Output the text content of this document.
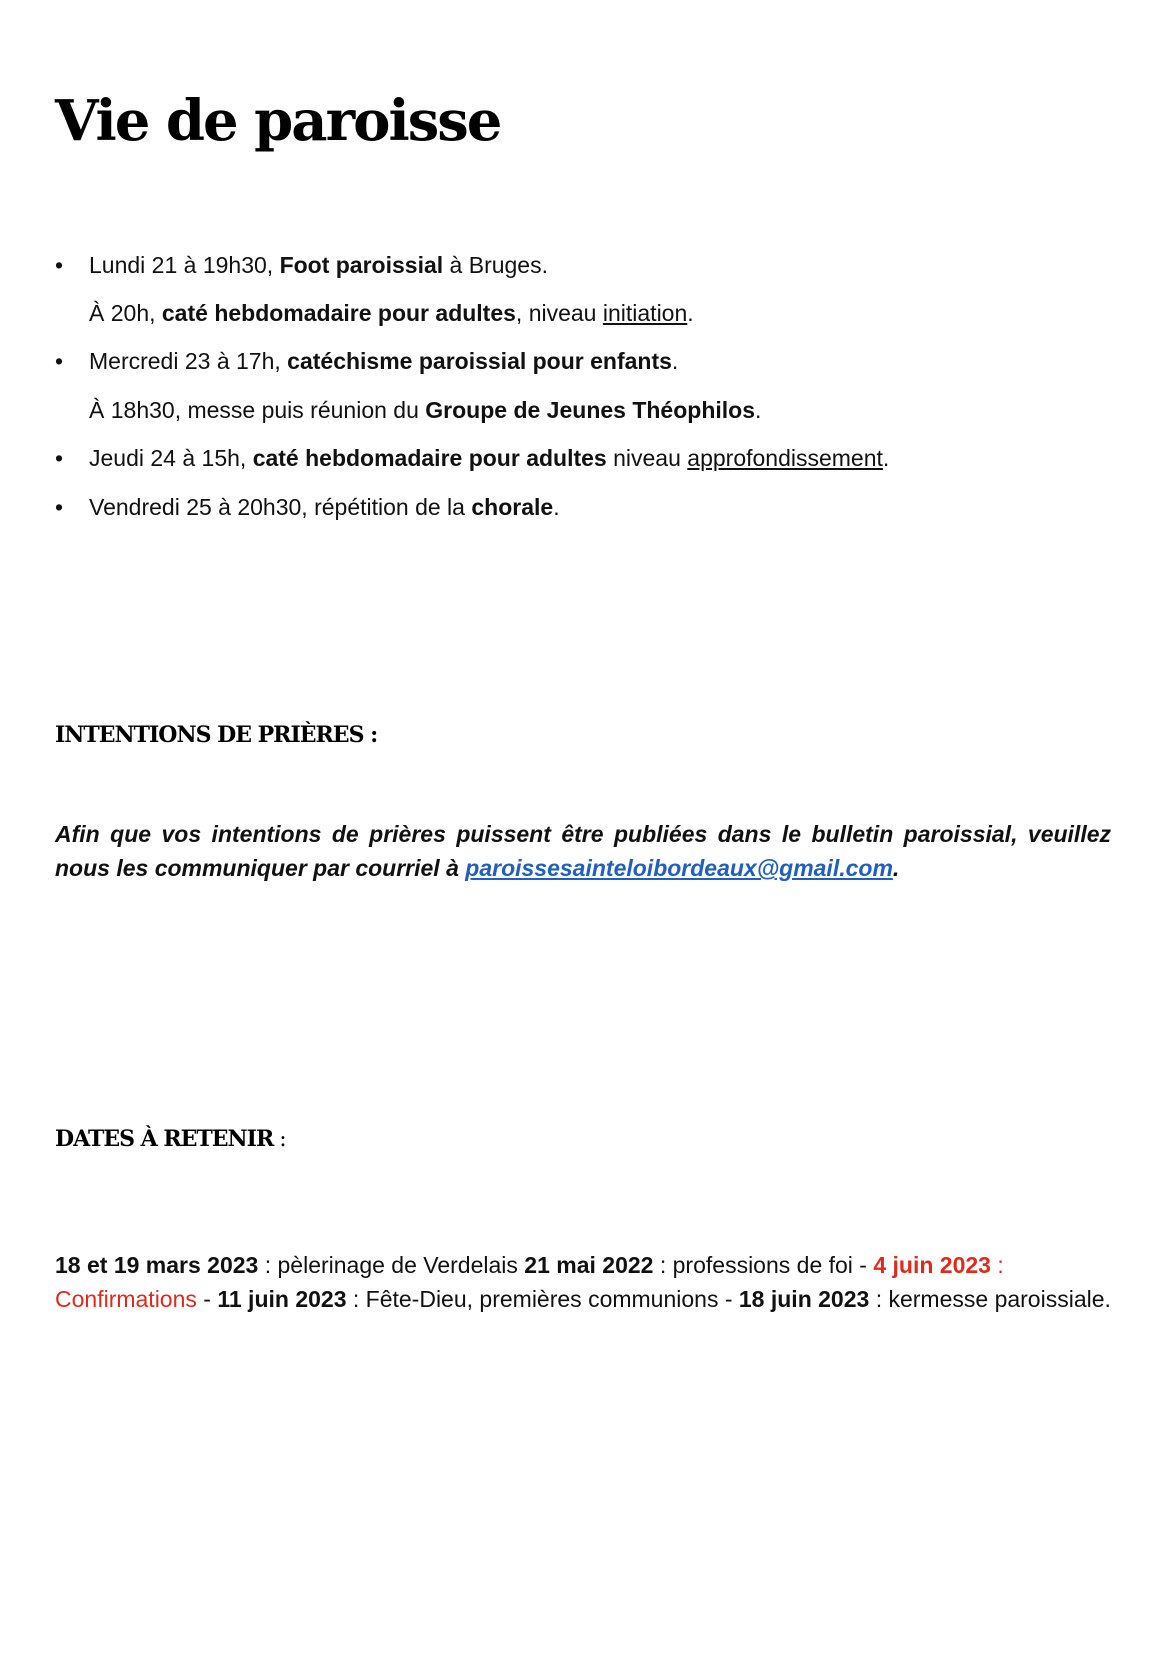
Vie de paroisse
• Lundi 21 à 19h30, Foot paroissial à Bruges.
À 20h, caté hebdomadaire pour adultes, niveau initiation.
• Mercredi 23 à 17h, catéchisme paroissial pour enfants.
À 18h30, messe puis réunion du Groupe de Jeunes Théophilos.
• Jeudi 24 à 15h, caté hebdomadaire pour adultes niveau approfondissement.
• Vendredi 25 à 20h30, répétition de la chorale.
INTENTIONS DE PRIÈRES :
Afin que vos intentions de prières puissent être publiées dans le bulletin paroissial, veuillez nous les communiquer par courriel à paroissesainteloibordeaux@gmail.com.
DATES À RETENIR :
18 et 19 mars 2023 : pèlerinage de Verdelais 21 mai 2022 : professions de foi - 4 juin 2023 : Confirmations - 11 juin 2023 : Fête-Dieu, premières communions - 18 juin 2023 : kermesse paroissiale.
